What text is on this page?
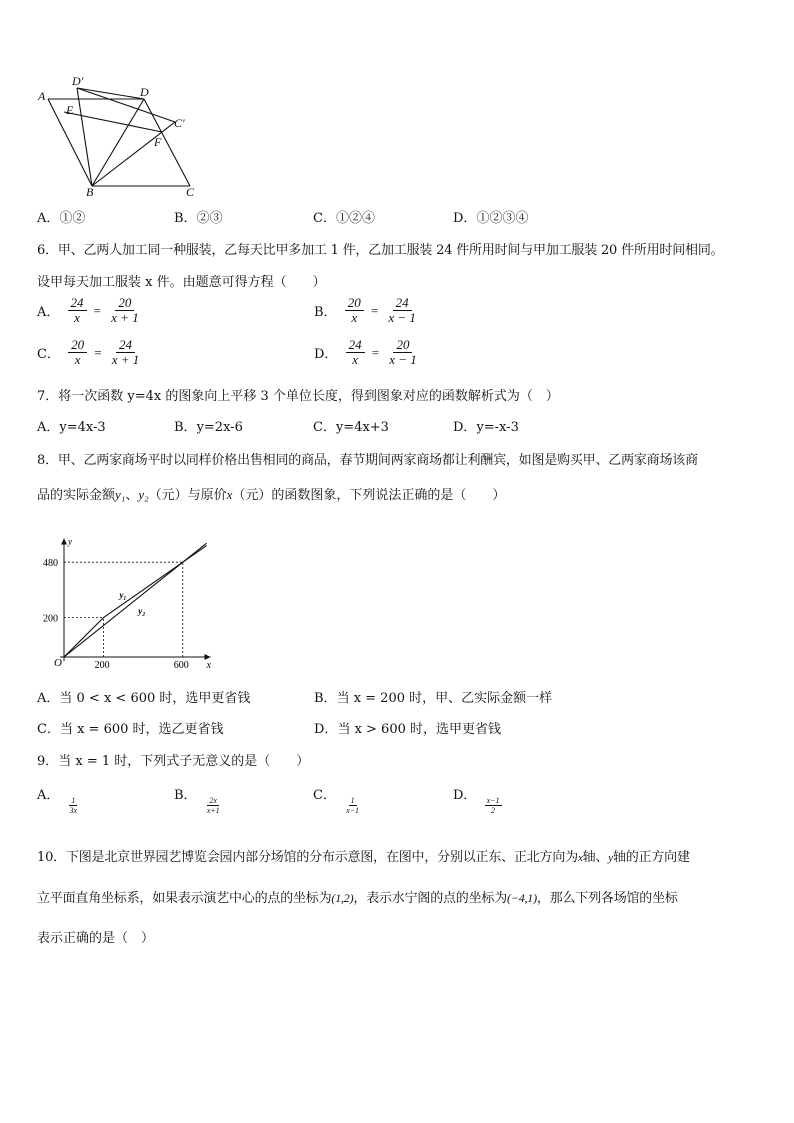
A
D′
D
E
C′
F
B	C
A．①②	B．②③	C．①②④	D．①②③④
6．甲、乙两人加工同一种服装，乙每天比甲多加工 1 件，乙加工服装 24 件所用时间与甲加工服装 20 件所用时间相同。
设甲每天加工服装 x 件。由题意可得方程（　　）
A． $\frac{24}{x} = \frac{20}{x + 1}$	B． $\frac{20}{x} = \frac{24}{x - 1}$
C． $\frac{20}{x} = \frac{24}{x + 1}$	D． $\frac{24}{x} = \frac{20}{x - 1}$
7．将一次函数 y=4x 的图象向上平移 3 个单位长度，得到图象对应的函数解析式为（　）
A．y=4x-3	B．y=2x-6	C．y=4x+3	D．y=-x-3
8．甲、乙两家商场平时以同样价格出售相同的商品，春节期间两家商场都让利酬宾，如图是购买甲、乙两家商场该商
品的实际金额y₁、y₂（元）与原价x（元）的函数图象，下列说法正确的是（　　）
x
y
O	200
200
600
480
y₁
y₂
A．当 0 < x < 600 时，选甲更省钱	B．当 x = 200 时，甲、乙实际金额一样
C．当 x = 600 时，选乙更省钱	D．当 x > 600 时，选甲更省钱
9．当 x = 1 时，下列式子无意义的是（　　）
A．
$\frac{1}{3x}$
B．
$\frac{2x}{x+1}$
C．
$\frac{1}{x-1}$
D．
$\frac{x-1}{2}$
10．下图是北京世界园艺博览会园内部分场馆的分布示意图，在图中，分别以正东、正北方向为x轴、y轴的正方向建
立平面直角坐标系，如果表示演艺中心的点的坐标为(1,2)，表示水宁阁的点的坐标为(−4,1)，那么下列各场馆的坐标
表示正确的是（　）
